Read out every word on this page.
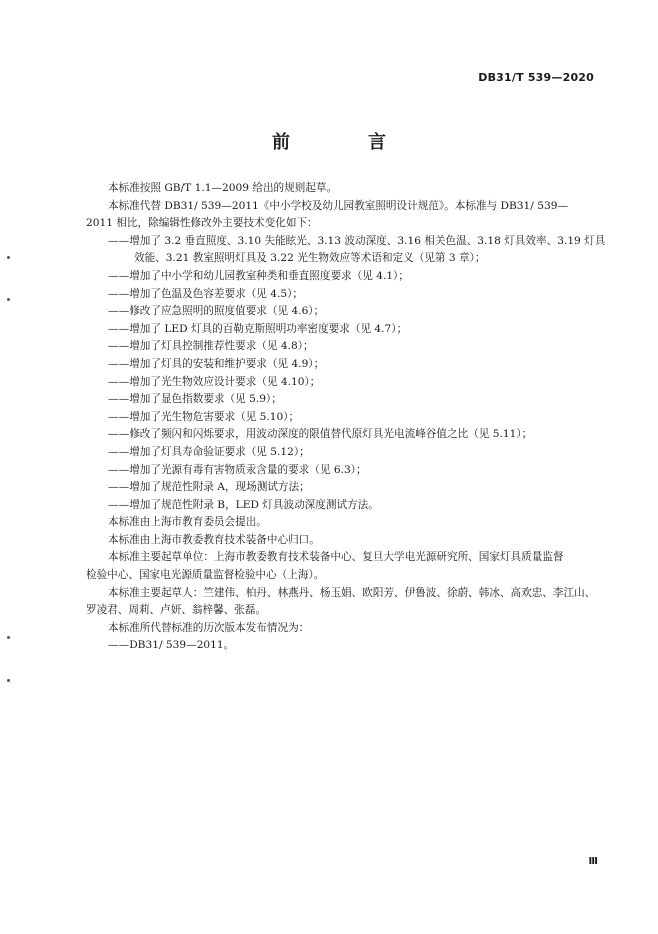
DB31/T 539—2020
前　言

本标准按照 GB/T 1.1—2009 给出的规则起草。

本标准代替 DB31/ 539—2011《中小学校及幼儿园教室照明设计规范》。本标准与 DB31/ 539—

2011 相比，除编辑性修改外主要技术变化如下：

——增加了 3.2 垂直照度、3.10 失能眩光、3.13 波动深度、3.16 相关色温、3.18 灯具效率、3.19 灯具

效能、3.21 教室照明灯具及 3.22 光生物效应等术语和定义（见第 3 章）；

——增加了中小学和幼儿园教室种类和垂直照度要求（见 4.1）；

——增加了色温及色容差要求（见 4.5）；

——修改了应急照明的照度值要求（见 4.6）；

——增加了 LED 灯具的百勒克斯照明功率密度要求（见 4.7）；

——增加了灯具控制推荐性要求（见 4.8）；

——增加了灯具的安装和维护要求（见 4.9）；

——增加了光生物效应设计要求（见 4.10）；

——增加了显色指数要求（见 5.9）；

——增加了光生物危害要求（见 5.10）；

——修改了频闪和闪烁要求，用波动深度的限值替代原灯具光电流峰谷值之比（见 5.11）；

——增加了灯具寿命验证要求（见 5.12）；

——增加了光源有毒有害物质汞含量的要求（见 6.3）；

——增加了规范性附录 A，现场测试方法；

——增加了规范性附录 B，LED 灯具波动深度测试方法。

本标准由上海市教育委员会提出。

本标准由上海市教委教育技术装备中心归口。

本标准主要起草单位：上海市教委教育技术装备中心、复旦大学电光源研究所、国家灯具质量监督

检验中心、国家电光源质量监督检验中心（上海）。

本标准主要起草人：竺建伟、柏丹、林燕丹、杨玉娟、欧阳芳、伊鲁波、徐蔚、韩冰、高欢忠、李江山、

罗凌君、周莉、卢妍、翁梓馨、张磊。

本标准所代替标准的历次版本发布情况为：

——DB31/ 539—2011。

Ⅲ
